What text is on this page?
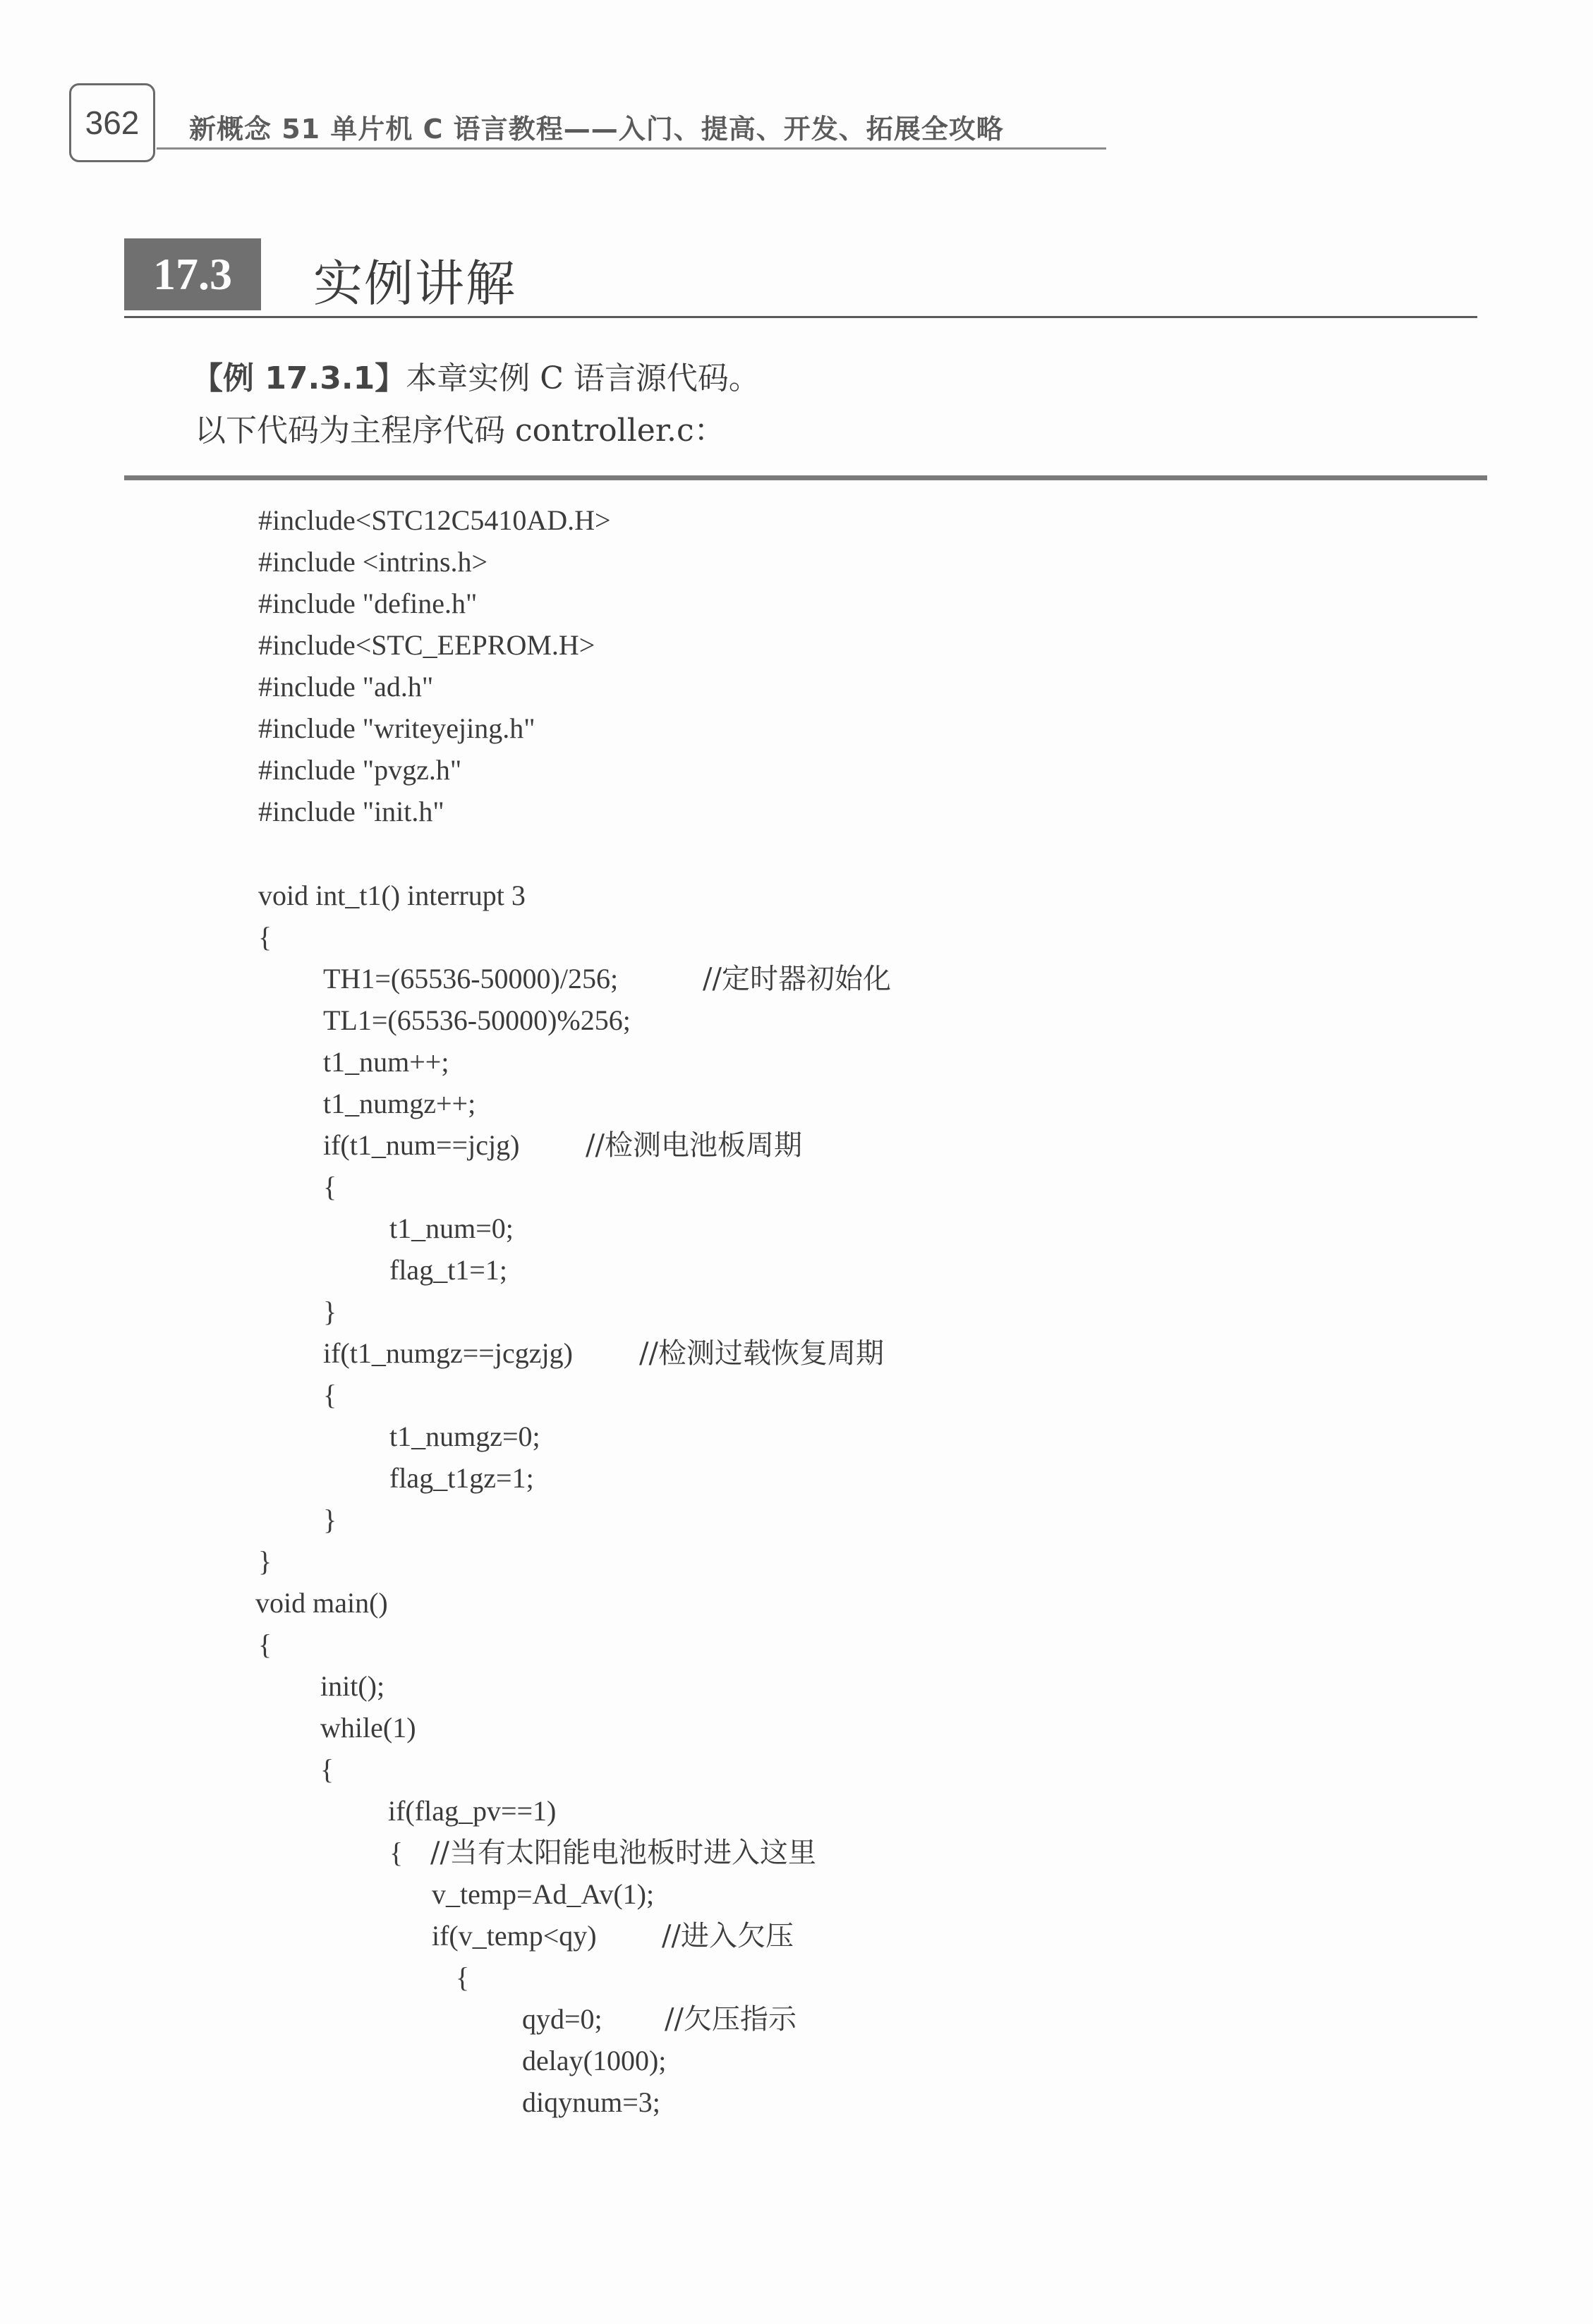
362	新概念 51 单片机 C 语言教程——入门、提高、开发、拓展全攻略
17.3	实例讲解
【例 17.3.1】本章实例 C 语言源代码。
以下代码为主程序代码 controller.c：
#include<STC12C5410AD.H>
#include <intrins.h>
#include "define.h"
#include<STC_EEPROM.H>
#include "ad.h"
#include "writeyejing.h"
#include "pvgz.h"
#include "init.h"
void int_t1() interrupt 3
{
TH1=(65536-50000)/256;	//定时器初始化
TL1=(65536-50000)%256;
t1_num++;
t1_numgz++;
if(t1_num==jcjg) //检测电池板周期
{
t1_num=0;
flag_t1=1;
}
if(t1_numgz==jcgzjg) //检测过载恢复周期
{
t1_numgz=0;
flag_t1gz=1;
}
}
void main()
{
init();
while(1)
{
if(flag_pv==1)
{ //当有太阳能电池板时进入这里
v_temp=Ad_Av(1);
if(v_temp<qy) //进入欠压
{
qyd=0; //欠压指示
delay(1000);
diqynum=3;
